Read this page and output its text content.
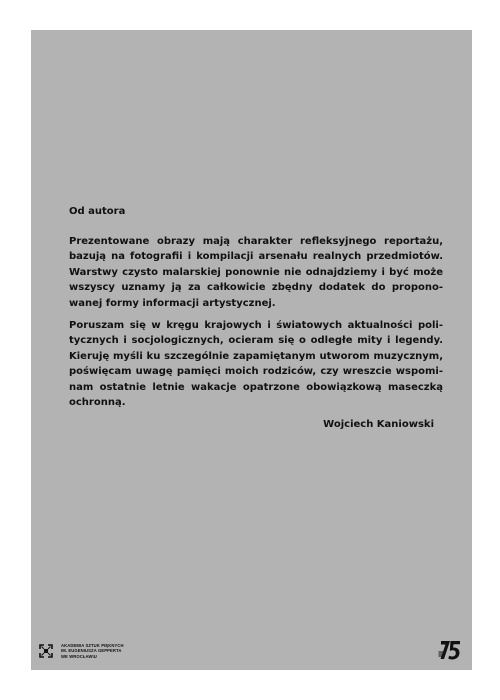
Od autora

Prezentowane obrazy mają charakter refleksyjnego reportażu,
bazują na fotografii i kompilacji arsenału realnych przedmiotów.
Warstwy czysto malarskiej ponownie nie odnajdziemy i być może
wszyscy uznamy ją za całkowicie zbędny dodatek do propono-
wanej formy informacji artystycznej.
Poruszam się w kręgu krajowych i światowych aktualności poli-
tycznych i socjologicznych, ocieram się o odległe mity i legendy.
Kieruję myśli ku szczególnie zapamiętanym utworom muzycznym,
poświęcam uwagę pamięci moich rodziców, czy wreszcie wspomi-
nam ostatnie letnie wakacje opatrzone obowiązkową maseczką
ochronną.

Wojciech Kaniowski

AKADEMIA SZTUK PIĘKNYCH
IM. EUGENIUSZA GEPPERTA
WE WROCŁAWIU
